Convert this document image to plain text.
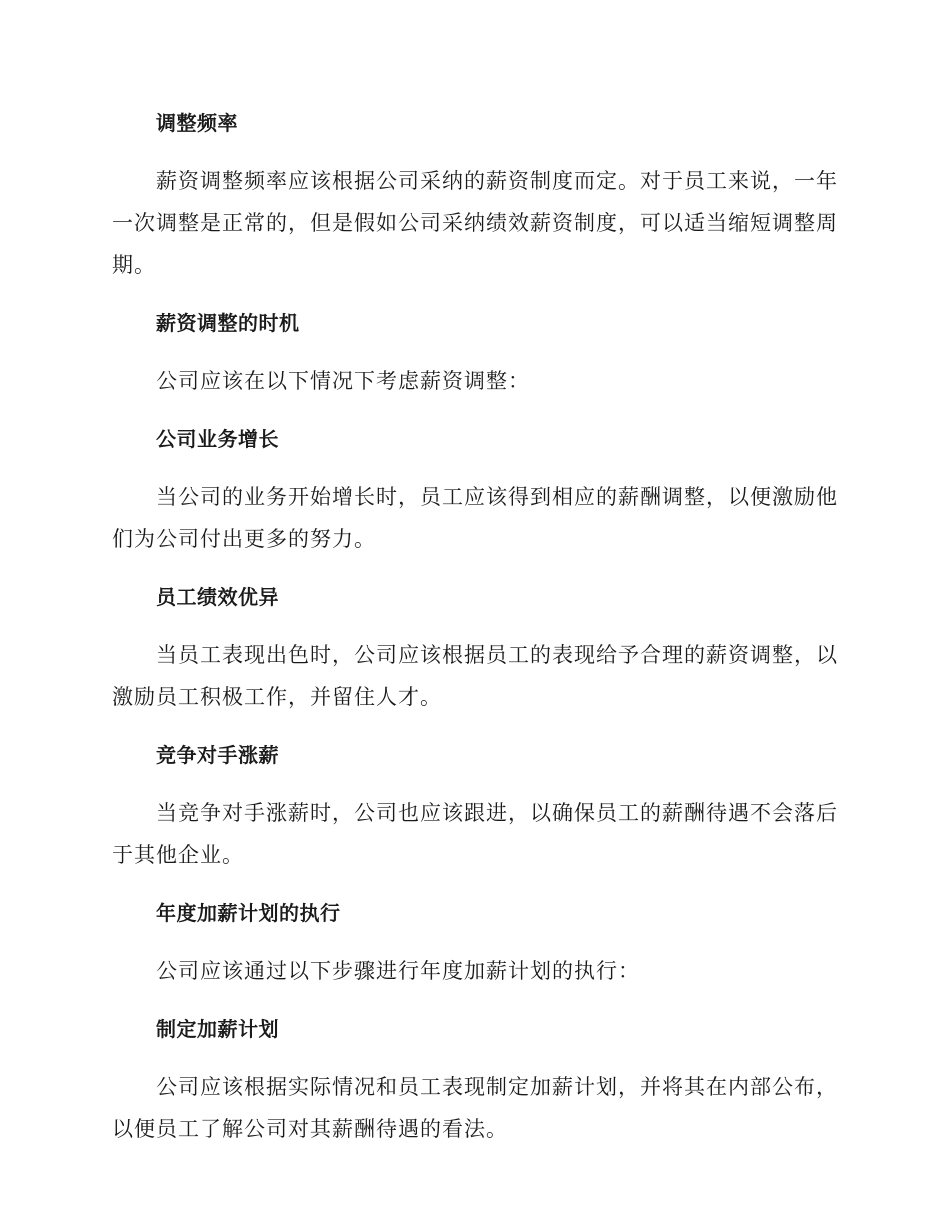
调整频率

薪资调整频率应该根据公司采纳的薪资制度而定。对于员工来说，一年一次调整是正常的，但是假如公司采纳绩效薪资制度，可以适当缩短调整周期。

薪资调整的时机

公司应该在以下情况下考虑薪资调整：

公司业务增长

当公司的业务开始增长时，员工应该得到相应的薪酬调整，以便激励他们为公司付出更多的努力。

员工绩效优异

当员工表现出色时，公司应该根据员工的表现给予合理的薪资调整，以激励员工积极工作，并留住人才。

竞争对手涨薪

当竞争对手涨薪时，公司也应该跟进，以确保员工的薪酬待遇不会落后于其他企业。

年度加薪计划的执行

公司应该通过以下步骤进行年度加薪计划的执行：

制定加薪计划

公司应该根据实际情况和员工表现制定加薪计划，并将其在内部公布，以便员工了解公司对其薪酬待遇的看法。
